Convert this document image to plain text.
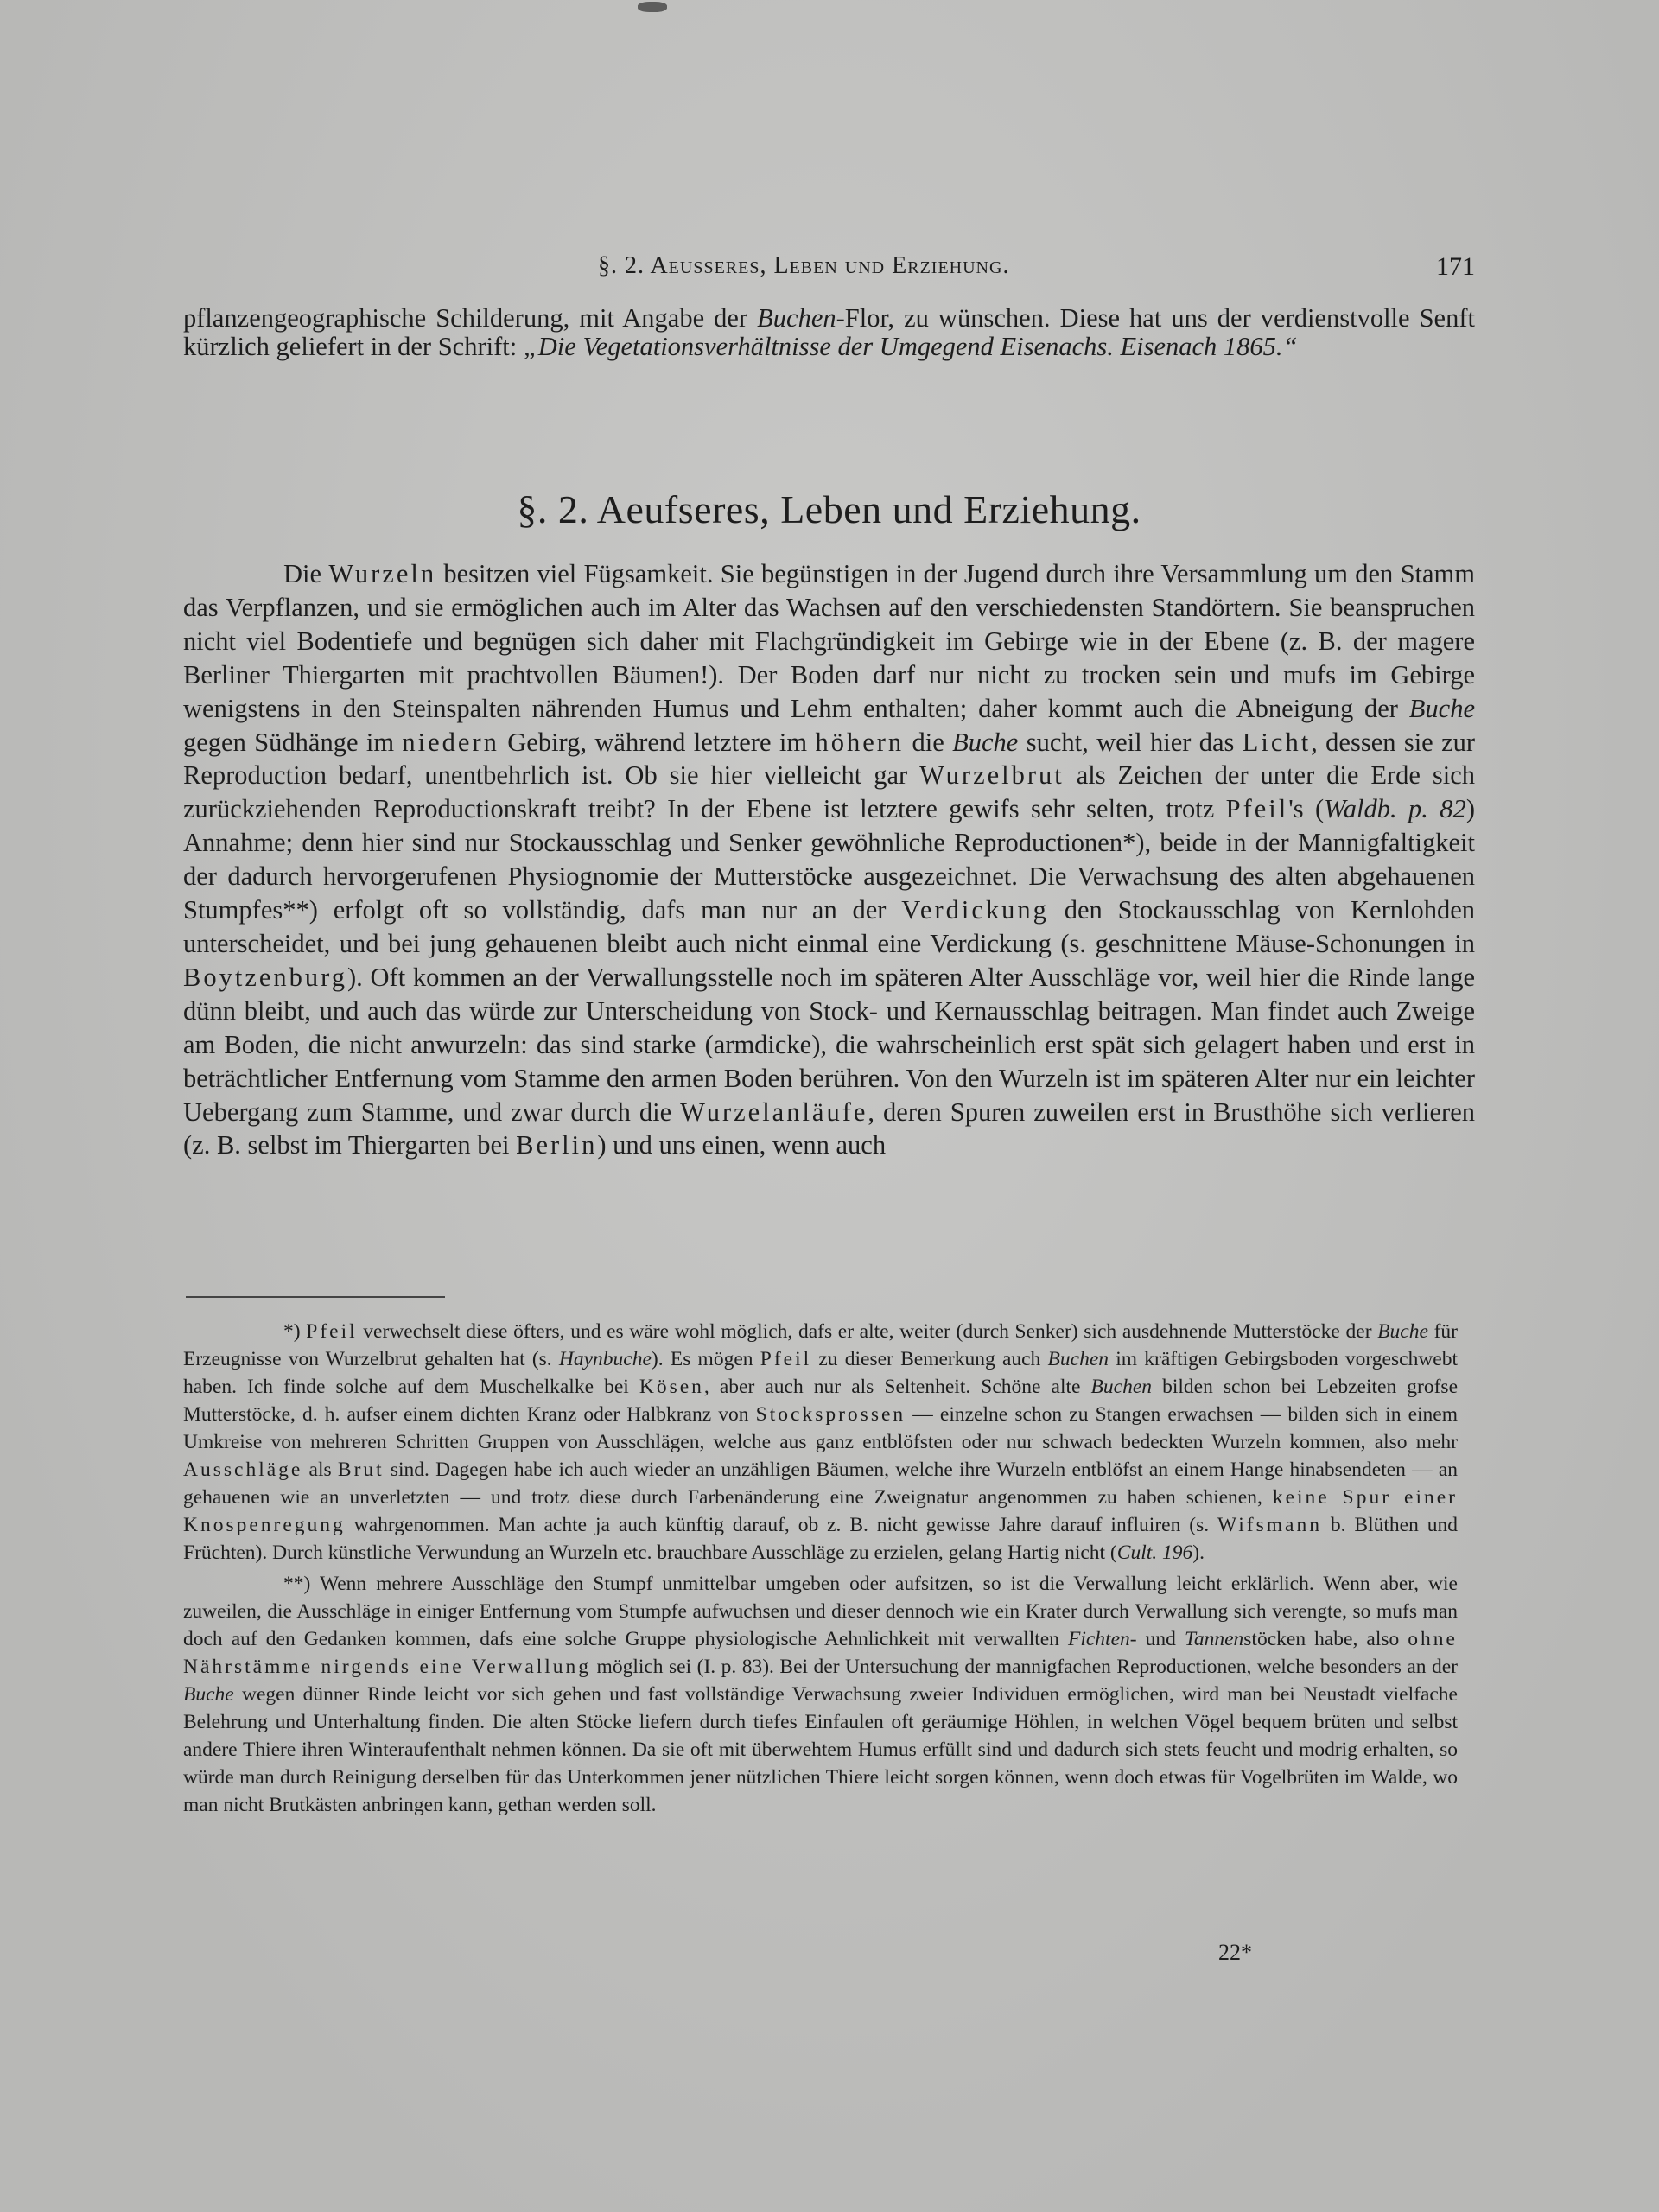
§. 2. Aeusseres, Leben und Erziehung.	171

pflanzengeographische Schilderung, mit Angabe der Buchen-Flor, zu wünschen. Diese hat uns der verdienstvolle Senft kürzlich geliefert in der Schrift: „Die Vegetationsverhältnisse der Umgegend Eisenachs. Eisenach 1865.“

§. 2. Aeufseres, Leben und Erziehung.

Die Wurzeln besitzen viel Fügsamkeit. Sie begünstigen in der Jugend durch ihre Versammlung um den Stamm das Verpflanzen, und sie ermöglichen auch im Alter das Wachsen auf den verschiedensten Standörtern. Sie beanspruchen nicht viel Bodentiefe und begnügen sich daher mit Flachgründigkeit im Gebirge wie in der Ebene (z. B. der magere Berliner Thiergarten mit prachtvollen Bäumen!). Der Boden darf nur nicht zu trocken sein und mufs im Gebirge wenigstens in den Steinspalten nährenden Humus und Lehm enthalten; daher kommt auch die Abneigung der Buche gegen Südhänge im niedern Gebirg, während letztere im höhern die Buche sucht, weil hier das Licht, dessen sie zur Reproduction bedarf, unentbehrlich ist. Ob sie hier vielleicht gar Wurzelbrut als Zeichen der unter die Erde sich zurückziehenden Reproductionskraft treibt? In der Ebene ist letztere gewifs sehr selten, trotz Pfeil's (Waldb. p. 82) Annahme; denn hier sind nur Stockausschlag und Senker gewöhnliche Reproductionen*), beide in der Mannigfaltigkeit der dadurch hervorgerufenen Physiognomie der Mutterstöcke ausgezeichnet. Die Verwachsung des alten abgehauenen Stumpfes**) erfolgt oft so vollständig, dafs man nur an der Verdickung den Stockausschlag von Kernlohden unterscheidet, und bei jung gehauenen bleibt auch nicht einmal eine Verdickung (s. geschnittene Mäuse-Schonungen in Boytzenburg). Oft kommen an der Verwallungsstelle noch im späteren Alter Ausschläge vor, weil hier die Rinde lange dünn bleibt, und auch das würde zur Unterscheidung von Stock- und Kernausschlag beitragen. Man findet auch Zweige am Boden, die nicht anwurzeln: das sind starke (armdicke), die wahrscheinlich erst spät sich gelagert haben und erst in beträchtlicher Entfernung vom Stamme den armen Boden berühren. Von den Wurzeln ist im späteren Alter nur ein leichter Uebergang zum Stamme, und zwar durch die Wurzelanläufe, deren Spuren zuweilen erst in Brusthöhe sich verlieren (z. B. selbst im Thiergarten bei Berlin) und uns einen, wenn auch

*) Pfeil verwechselt diese öfters, und es wäre wohl möglich, dafs er alte, weiter (durch Senker) sich ausdehnende Mutterstöcke der Buche für Erzeugnisse von Wurzelbrut gehalten hat (s. Haynbuche). Es mögen Pfeil zu dieser Bemerkung auch Buchen im kräftigen Gebirgsboden vorgeschwebt haben. Ich finde solche auf dem Muschelkalke bei Kösen, aber auch nur als Seltenheit. Schöne alte Buchen bilden schon bei Lebzeiten grofse Mutterstöcke, d. h. aufser einem dichten Kranz oder Halbkranz von Stocksprossen — einzelne schon zu Stangen erwachsen — bilden sich in einem Umkreise von mehreren Schritten Gruppen von Ausschlägen, welche aus ganz entblöfsten oder nur schwach bedeckten Wurzeln kommen, also mehr Ausschläge als Brut sind. Dagegen habe ich auch wieder an unzähligen Bäumen, welche ihre Wurzeln entblöfst an einem Hange hinabsendeten — an gehauenen wie an unverletzten — und trotz diese durch Farbenänderung eine Zweignatur angenommen zu haben schienen, keine Spur einer Knospenregung wahrgenommen. Man achte ja auch künftig darauf, ob z. B. nicht gewisse Jahre darauf influiren (s. Wifsmann b. Blüthen und Früchten). Durch künstliche Verwundung an Wurzeln etc. brauchbare Ausschläge zu erzielen, gelang Hartig nicht (Cult. 196).

**) Wenn mehrere Ausschläge den Stumpf unmittelbar umgeben oder aufsitzen, so ist die Verwallung leicht erklärlich. Wenn aber, wie zuweilen, die Ausschläge in einiger Entfernung vom Stumpfe aufwuchsen und dieser dennoch wie ein Krater durch Verwallung sich verengte, so mufs man doch auf den Gedanken kommen, dafs eine solche Gruppe physiologische Aehnlichkeit mit verwallten Fichten- und Tannenstöcken habe, also ohne Nährstämme nirgends eine Verwallung möglich sei (I. p. 83). Bei der Untersuchung der mannigfachen Reproductionen, welche besonders an der Buche wegen dünner Rinde leicht vor sich gehen und fast vollständige Verwachsung zweier Individuen ermöglichen, wird man bei Neustadt vielfache Belehrung und Unterhaltung finden. Die alten Stöcke liefern durch tiefes Einfaulen oft geräumige Höhlen, in welchen Vögel bequem brüten und selbst andere Thiere ihren Winteraufenthalt nehmen können. Da sie oft mit überwehtem Humus erfüllt sind und dadurch sich stets feucht und modrig erhalten, so würde man durch Reinigung derselben für das Unterkommen jener nützlichen Thiere leicht sorgen können, wenn doch etwas für Vogelbrüten im Walde, wo man nicht Brutkästen anbringen kann, gethan werden soll.

22*
